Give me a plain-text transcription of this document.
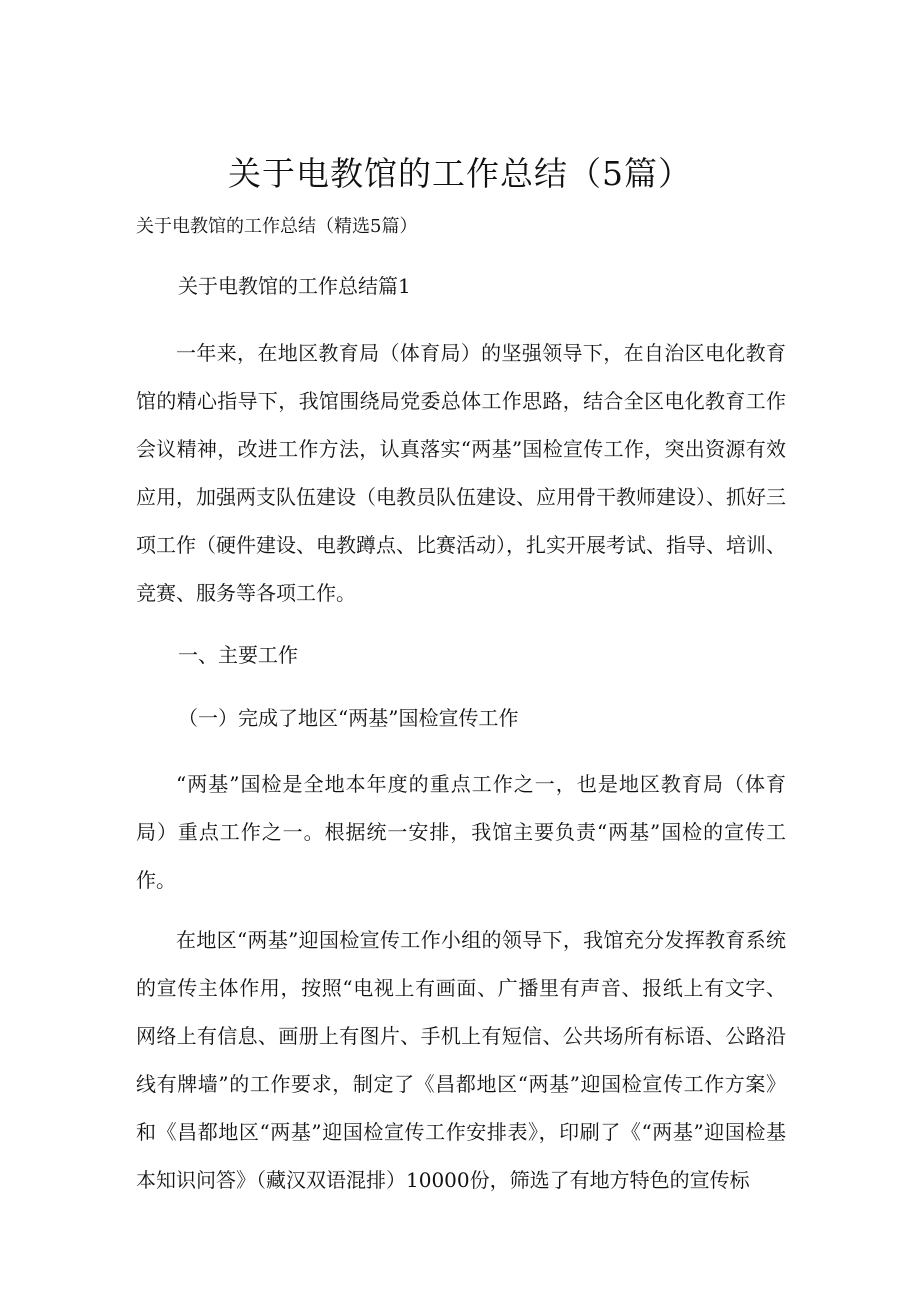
关于电教馆的工作总结（5篇）
关于电教馆的工作总结（精选5篇）
关于电教馆的工作总结篇1
一年来，在地区教育局（体育局）的坚强领导下，在自治区电化教育馆的精心指导下，我馆围绕局党委总体工作思路，结合全区电化教育工作会议精神，改进工作方法，认真落实“两基”国检宣传工作，突出资源有效应用，加强两支队伍建设（电教员队伍建设、应用骨干教师建设）、抓好三项工作（硬件建设、电教蹲点、比赛活动），扎实开展考试、指导、培训、竞赛、服务等各项工作。
一、主要工作
（一）完成了地区“两基”国检宣传工作
“两基”国检是全地本年度的重点工作之一，也是地区教育局（体育局）重点工作之一。根据统一安排，我馆主要负责“两基”国检的宣传工作。
在地区“两基”迎国检宣传工作小组的领导下，我馆充分发挥教育系统的宣传主体作用，按照“电视上有画面、广播里有声音、报纸上有文字、网络上有信息、画册上有图片、手机上有短信、公共场所有标语、公路沿线有牌墙”的工作要求，制定了《昌都地区“两基”迎国检宣传工作方案》和《昌都地区“两基”迎国检宣传工作安排表》，印刷了《“两基”迎国检基本知识问答》（藏汉双语混排）10000份，筛选了有地方特色的宣传标
